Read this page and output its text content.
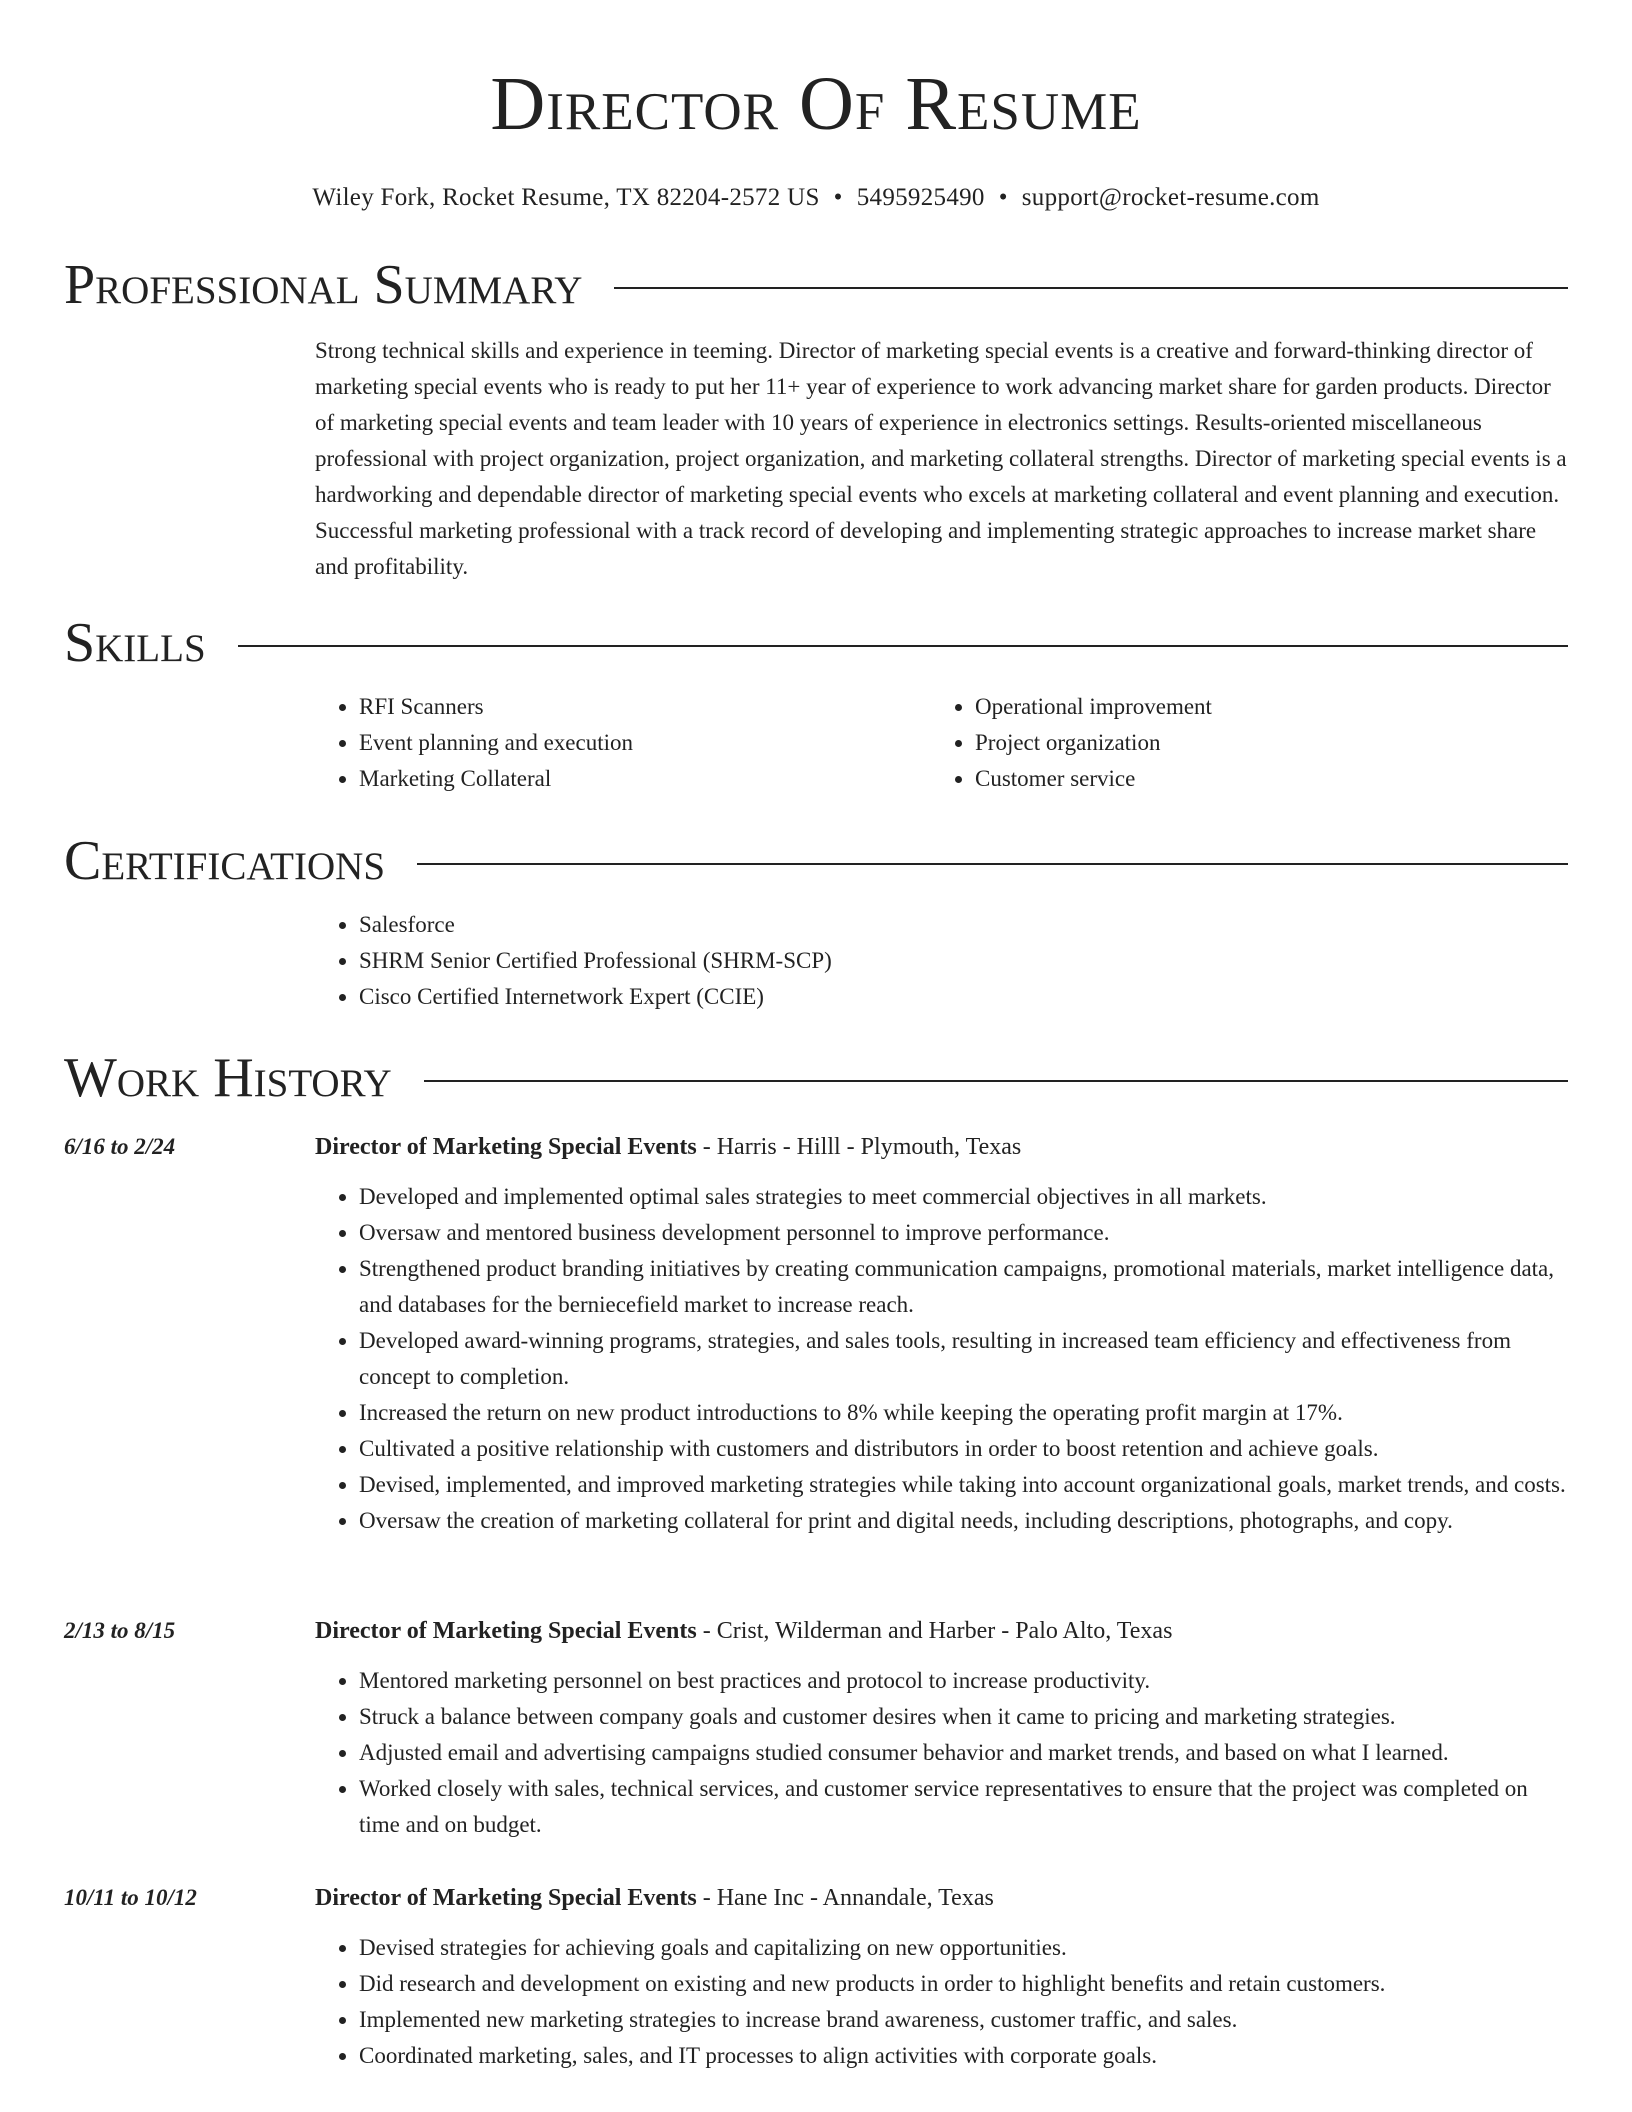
Director Of Resume
Wiley Fork, Rocket Resume, TX 82204-2572 US • 5495925490 • support@rocket-resume.com
Professional Summary

Strong technical skills and experience in teeming. Director of marketing special events is a creative and forward-thinking director of marketing special events who is ready to put her 11+ year of experience to work advancing market share for garden products. Director of marketing special events and team leader with 10 years of experience in electronics settings. Results-oriented miscellaneous professional with project organization, project organization, and marketing collateral strengths. Director of marketing special events is a hardworking and dependable director of marketing special events who excels at marketing collateral and event planning and execution. Successful marketing professional with a track record of developing and implementing strategic approaches to increase market share and profitability.

Skills
• RFI Scanners
• Event planning and execution
• Marketing Collateral
• Operational improvement
• Project organization
• Customer service
Certifications
• Salesforce
• SHRM Senior Certified Professional (SHRM-SCP)
• Cisco Certified Internetwork Expert (CCIE)
Work History
6/16 to 2/24	Director of Marketing Special Events - Harris - Hilll - Plymouth, Texas
• Developed and implemented optimal sales strategies to meet commercial objectives in all markets.
• Oversaw and mentored business development personnel to improve performance.
• Strengthened product branding initiatives by creating communication campaigns, promotional materials, market intelligence data, and databases for the berniecefield market to increase reach.
• Developed award-winning programs, strategies, and sales tools, resulting in increased team efficiency and effectiveness from concept to completion.
• Increased the return on new product introductions to 8% while keeping the operating profit margin at 17%.
• Cultivated a positive relationship with customers and distributors in order to boost retention and achieve goals.
• Devised, implemented, and improved marketing strategies while taking into account organizational goals, market trends, and costs.
• Oversaw the creation of marketing collateral for print and digital needs, including descriptions, photographs, and copy.
2/13 to 8/15	Director of Marketing Special Events - Crist, Wilderman and Harber - Palo Alto, Texas
• Mentored marketing personnel on best practices and protocol to increase productivity.
• Struck a balance between company goals and customer desires when it came to pricing and marketing strategies.
• Adjusted email and advertising campaigns studied consumer behavior and market trends, and based on what I learned.
• Worked closely with sales, technical services, and customer service representatives to ensure that the project was completed on time and on budget.
10/11 to 10/12	Director of Marketing Special Events - Hane Inc - Annandale, Texas
• Devised strategies for achieving goals and capitalizing on new opportunities.
• Did research and development on existing and new products in order to highlight benefits and retain customers.
• Implemented new marketing strategies to increase brand awareness, customer traffic, and sales.
• Coordinated marketing, sales, and IT processes to align activities with corporate goals.
